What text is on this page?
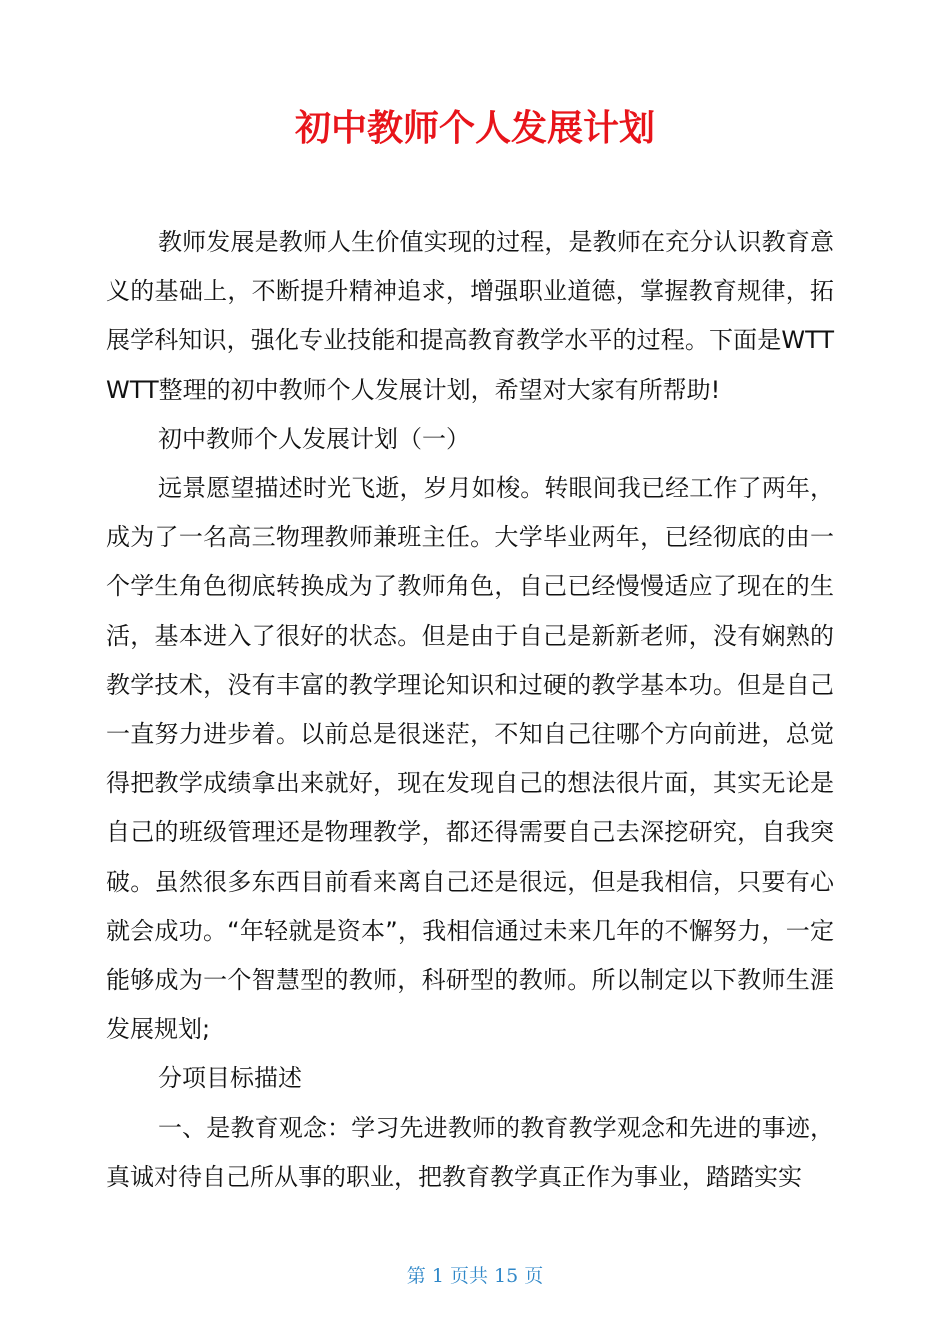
初中教师个人发展计划

教师发展是教师人生价值实现的过程，是教师在充分认识教育意义的基础上，不断提升精神追求，增强职业道德，掌握教育规律，拓展学科知识，强化专业技能和提高教育教学水平的过程。下面是WTTWTT整理的初中教师个人发展计划，希望对大家有所帮助!

初中教师个人发展计划（一）

远景愿望描述时光飞逝，岁月如梭。转眼间我已经工作了两年，成为了一名高三物理教师兼班主任。大学毕业两年，已经彻底的由一个学生角色彻底转换成为了教师角色，自己已经慢慢适应了现在的生活，基本进入了很好的状态。但是由于自己是新新老师，没有娴熟的教学技术，没有丰富的教学理论知识和过硬的教学基本功。但是自己一直努力进步着。以前总是很迷茫，不知自己往哪个方向前进，总觉得把教学成绩拿出来就好，现在发现自己的想法很片面，其实无论是自己的班级管理还是物理教学，都还得需要自己去深挖研究，自我突破。虽然很多东西目前看来离自己还是很远，但是我相信，只要有心就会成功。“年轻就是资本”，我相信通过未来几年的不懈努力，一定能够成为一个智慧型的教师，科研型的教师。所以制定以下教师生涯发展规划;

分项目标描述

一、是教育观念：学习先进教师的教育教学观念和先进的事迹，真诚对待自己所从事的职业，把教育教学真正作为事业，踏踏实实

第 1 页共 15 页
